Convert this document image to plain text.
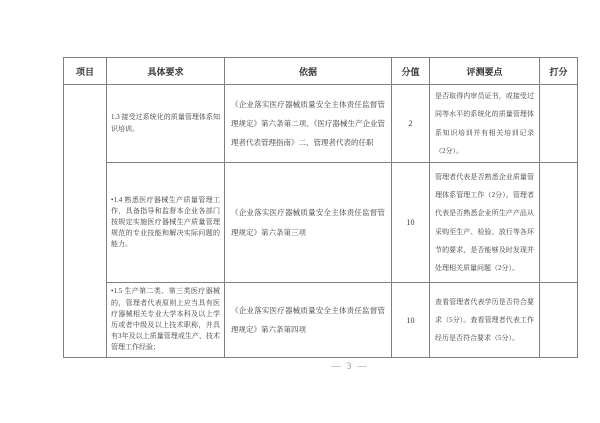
项目	具体要求	依据	分值	评测要点	打分
	1.3 接受过系统化的质量管理体系知识培训。	《企业落实医疗器械质量安全主体责任监督管理规定》第六条第二项、《医疗器械生产企业管理者代表管理指南》二、管理者代表的任职	2	是否取得内审员证书，或接受过同等水平的系统化的质量管理体系知识培训并有相关培训记录（2分）。	
	•1.4 熟悉医疗器械生产质量管理工作，具备指导和监督本企业各部门按规定实施医疗器械生产质量管理规范的专业技能和解决实际问题的能力。	《企业落实医疗器械质量安全主体责任监督管理规定》第六条第三项	10	管理者代表是否熟悉企业质量管理体系管理工作（2分）。管理者代表是否熟悉企业所生产产品从采购至生产、检验、放行等各环节的要求，是否能够及时发现并处理相关质量问题（2分）。	
	•1.5 生产第二类、第三类医疗器械的，管理者代表原则上应当具有医疗器械相关专业大学本科及以上学历或者中级及以上技术职称，并具有3年及以上质量管理或生产、技术管理工作经验；	《企业落实医疗器械质量安全主体责任监督管理规定》第六条第四项	10	查看管理者代表学历是否符合要求（5分）。查看管理者代表工作经历是否符合要求（5分）。	
— 3 —
